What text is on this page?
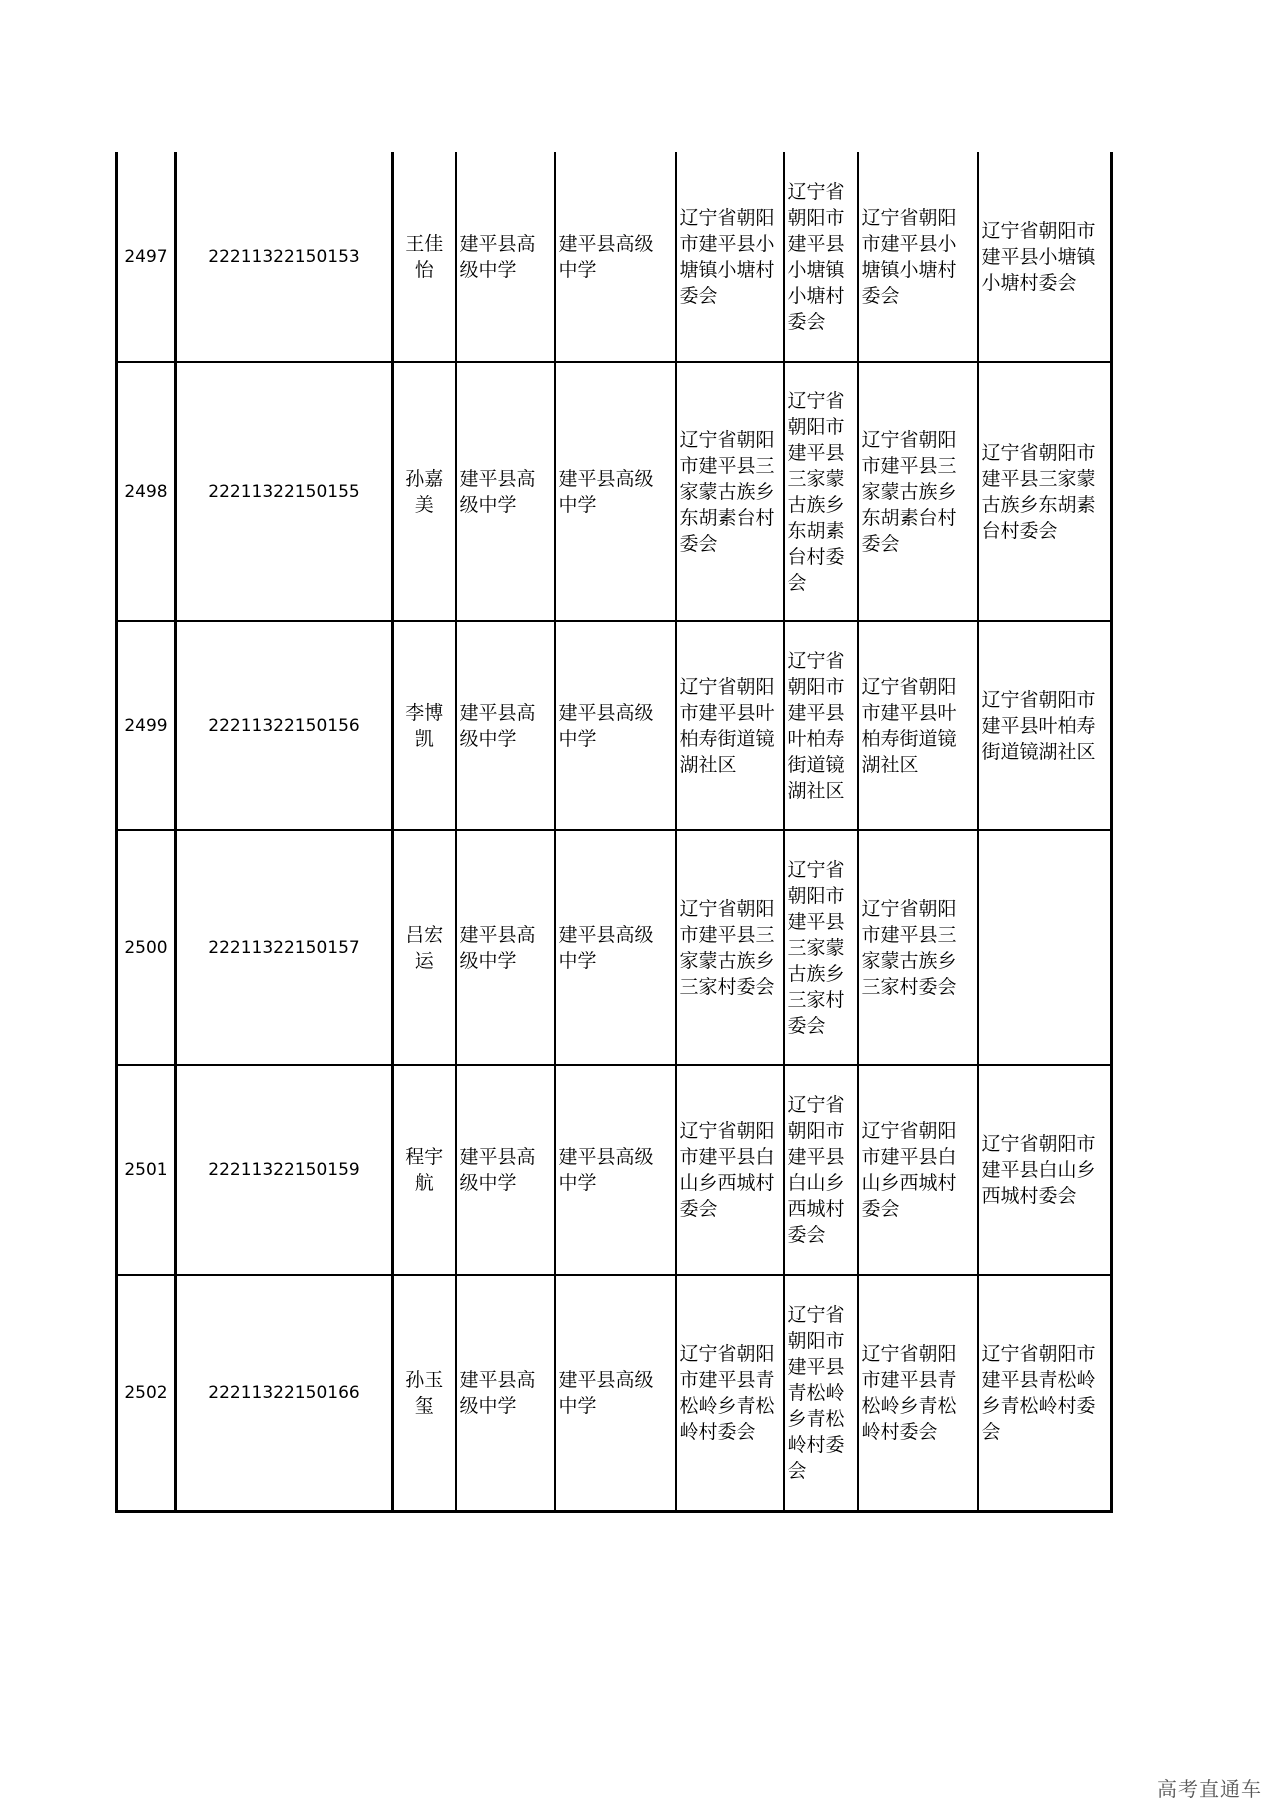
2497	22211322150153	王佳怡	建平县高级中学	建平县高级中学	辽宁省朝阳市建平县小塘镇小塘村委会	辽宁省朝阳市建平县小塘镇小塘村委会	辽宁省朝阳市建平县小塘镇小塘村委会	辽宁省朝阳市建平县小塘镇小塘村委会
2498	22211322150155	孙嘉美	建平县高级中学	建平县高级中学	辽宁省朝阳市建平县三家蒙古族乡东胡素台村委会	辽宁省朝阳市建平县三家蒙古族乡东胡素台村委会	辽宁省朝阳市建平县三家蒙古族乡东胡素台村委会	辽宁省朝阳市建平县三家蒙古族乡东胡素台村委会
2499	22211322150156	李博凯	建平县高级中学	建平县高级中学	辽宁省朝阳市建平县叶柏寿街道镜湖社区	辽宁省朝阳市建平县叶柏寿街道镜湖社区	辽宁省朝阳市建平县叶柏寿街道镜湖社区	辽宁省朝阳市建平县叶柏寿街道镜湖社区
2500	22211322150157	吕宏运	建平县高级中学	建平县高级中学	辽宁省朝阳市建平县三家蒙古族乡三家村委会	辽宁省朝阳市建平县三家蒙古族乡三家村委会	辽宁省朝阳市建平县三家蒙古族乡三家村委会	
2501	22211322150159	程宇航	建平县高级中学	建平县高级中学	辽宁省朝阳市建平县白山乡西城村委会	辽宁省朝阳市建平县白山乡西城村委会	辽宁省朝阳市建平县白山乡西城村委会	辽宁省朝阳市建平县白山乡西城村委会
2502	22211322150166	孙玉玺	建平县高级中学	建平县高级中学	辽宁省朝阳市建平县青松岭乡青松岭村委会	辽宁省朝阳市建平县青松岭乡青松岭村委会	辽宁省朝阳市建平县青松岭乡青松岭村委会	辽宁省朝阳市建平县青松岭乡青松岭村委会
高考直通车
